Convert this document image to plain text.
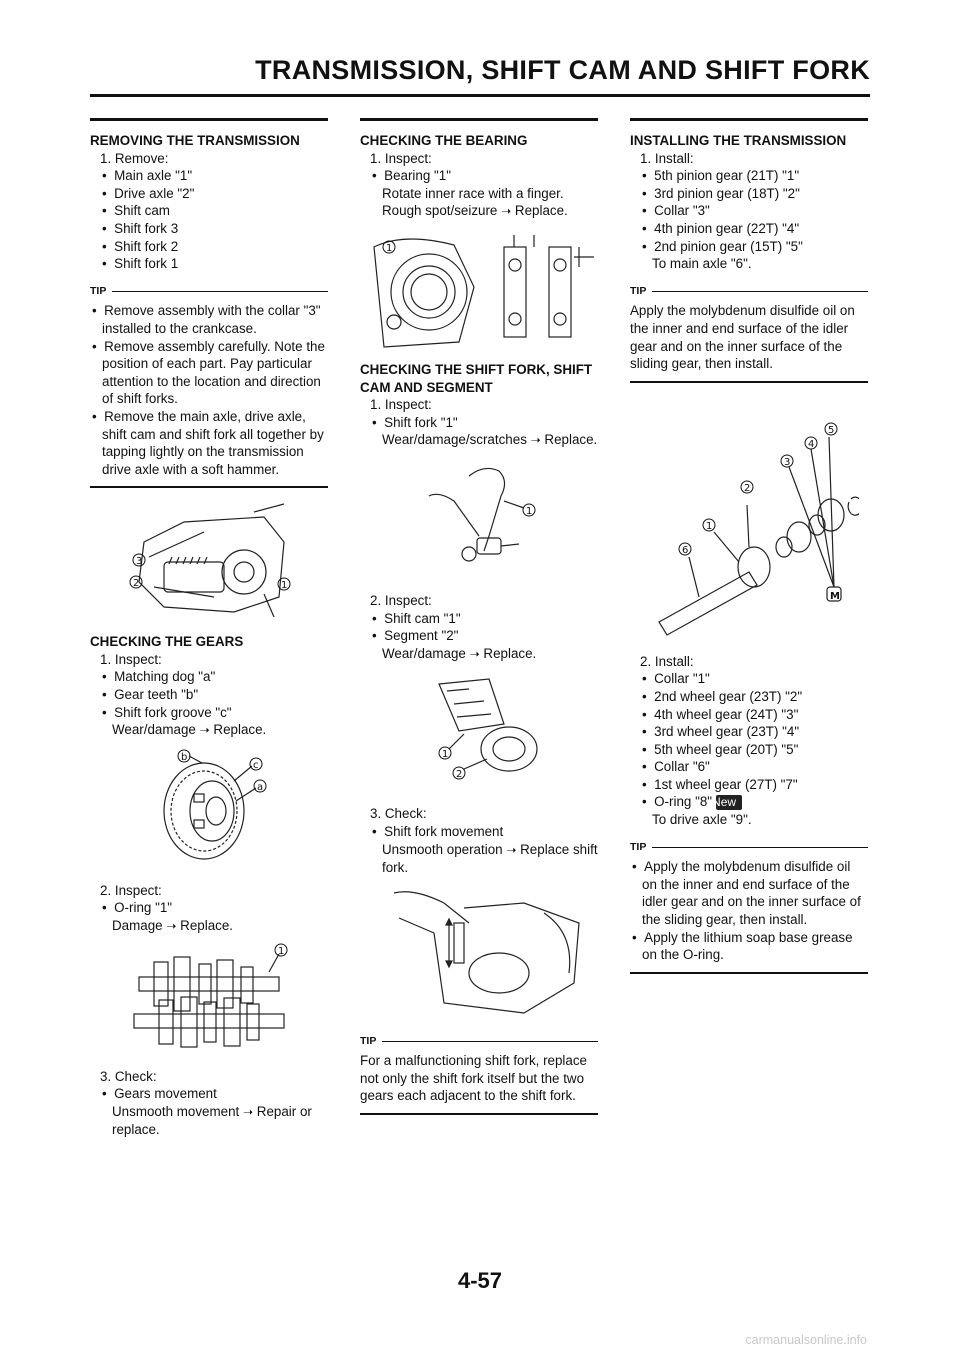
TRANSMISSION, SHIFT CAM AND SHIFT FORK

REMOVING THE TRANSMISSION

1. Remove:

•  Main axle "1"

•  Drive axle "2"

•  Shift cam

•  Shift fork 3

•  Shift fork 2

•  Shift fork 1

TIP

•  Remove assembly with the collar "3" installed to the crankcase.

•  Remove assembly carefully. Note the position of each part. Pay particular attention to the location and direction of shift forks.

•  Remove the main axle, drive axle, shift cam and shift fork all together by tapping lightly on the transmission drive axle with a soft hammer.

3
2	1

CHECKING THE GEARS

1. Inspect:

•  Matching dog "a"

•  Gear teeth "b"

•  Shift fork groove "c"

Wear/damage ➝ Replace.

b
c
a

2. Inspect:

•  O-ring "1"

Damage ➝ Replace.

1

3. Check:

•  Gears movement

Unsmooth movement ➝ Repair or replace.

CHECKING THE BEARING

1. Inspect:

•  Bearing "1"

Rotate inner race with a finger.

Rough spot/seizure ➝ Replace.

1

CHECKING THE SHIFT FORK, SHIFT CAM AND SEGMENT

1. Inspect:

•  Shift fork "1"

Wear/damage/scratches ➝ Replace.

1

2. Inspect:

•  Shift cam "1"

•  Segment "2"

Wear/damage ➝ Replace.

1
2

3. Check:

•  Shift fork movement

Unsmooth operation ➝ Replace shift fork.

TIP
For a malfunctioning shift fork, replace not only the shift fork itself but the two gears each adjacent to the shift fork.

INSTALLING THE TRANSMISSION

1. Install:

•  5th pinion gear (21T) "1"

•  3rd pinion gear (18T) "2"

•  Collar "3"

•  4th pinion gear (22T) "4"

•  2nd pinion gear (15T) "5"

To main axle "6".

TIP
Apply the molybdenum disulfide oil on the inner and end surface of the idler gear and on the inner surface of the sliding gear, then install.
5
4
3
2
1
6
M

2. Install:

•  Collar "1"

•  2nd wheel gear (23T) "2"

•  4th wheel gear (24T) "3"

•  3rd wheel gear (23T) "4"

•  5th wheel gear (20T) "5"

•  Collar "6"

•  1st wheel gear (27T) "7"

•  O-ring "8"New

To drive axle "9".

TIP

•  Apply the molybdenum disulfide oil on the inner and end surface of the idler gear and on the inner surface of the sliding gear, then install.

•  Apply the lithium soap base grease on the O-ring.

4-57
carmanualsonline.info
